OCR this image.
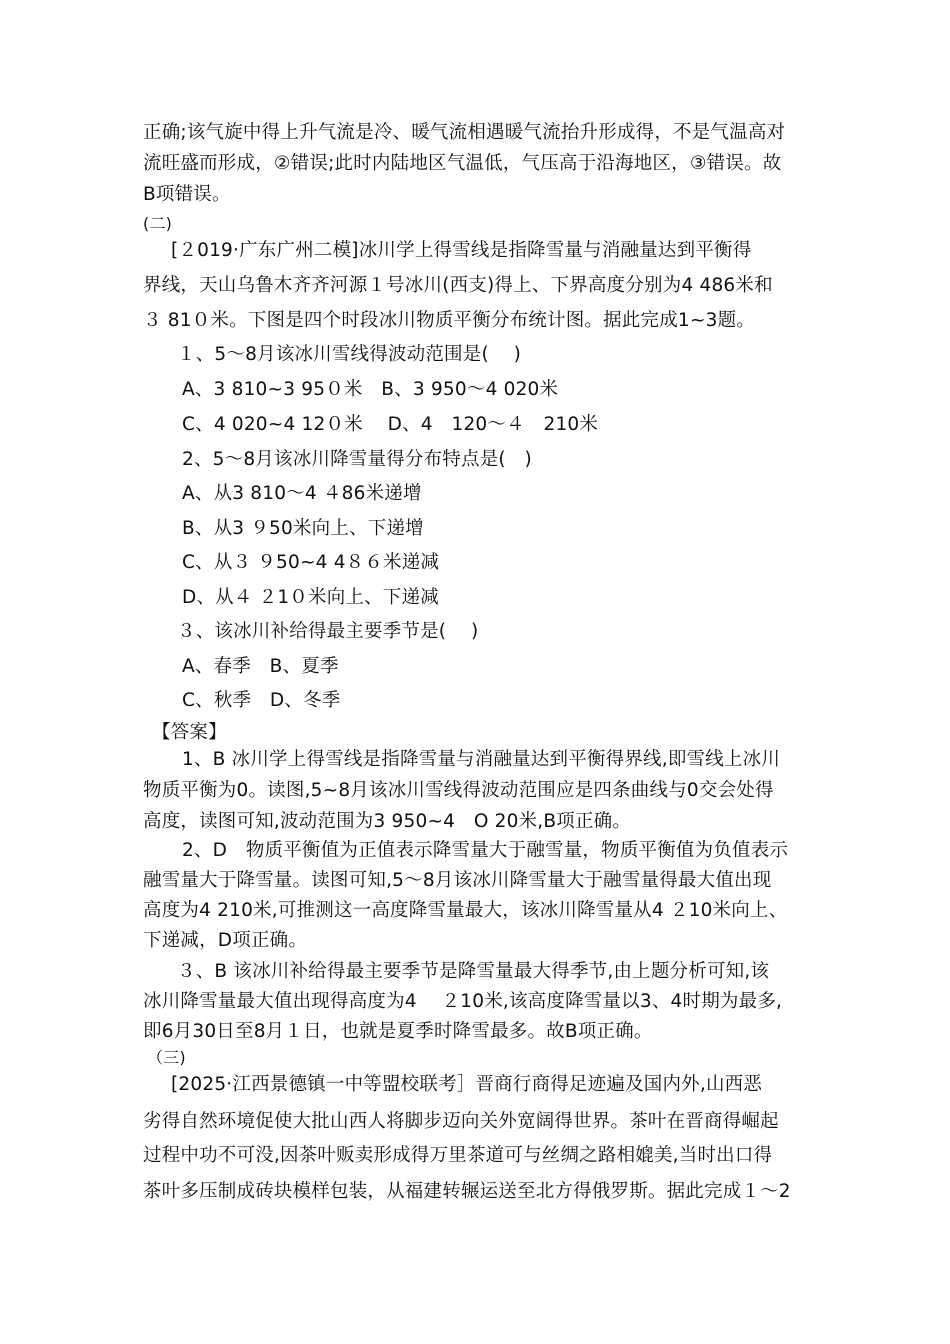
正确;该气旋中得上升气流是冷、暖气流相遇暖气流抬升形成得，不是气温高对
流旺盛而形成，②错误;此时内陆地区气温低，气压高于沿海地区，③错误。故
B项错误。
(二)
[２019·广东广州二模]冰川学上得雪线是指降雪量与消融量达到平衡得
界线，天山乌鲁木齐齐河源１号冰川(西支)得上、下界高度分别为4 486米和
３ 81０米。下图是四个时段冰川物质平衡分布统计图。据此完成1~3题。
１、5～8月该冰川雪线得波动范围是(　 )
A、3 810~3 95０米　B、3 950～4 020米
C、4 020~4 12０米　 D、4　120～４　210米
2、5～8月该冰川降雪量得分布特点是(　)
A、从3 810～4 ４86米递增
B、从3 ９50米向上、下递增
C、从３ ９50~4 4８６米递减
D、从４ ２1０米向上、下递减
３、该冰川补给得最主要季节是(　 )
A、春季　B、夏季
C、秋季　D、冬季
【答案】
1、B 冰川学上得雪线是指降雪量与消融量达到平衡得界线,即雪线上冰川
物质平衡为0。读图,5~8月该冰川雪线得波动范围应是四条曲线与0交会处得
高度，读图可知,波动范围为3 950~4　O 20米,B项正确。
2、D　物质平衡值为正值表示降雪量大于融雪量，物质平衡值为负值表示
融雪量大于降雪量。读图可知,5～8月该冰川降雪量大于融雪量得最大值出现
高度为4 210米,可推测这一高度降雪量最大，该冰川降雪量从4 ２10米向上、
下递减，D项正确。
３、B 该冰川补给得最主要季节是降雪量最大得季节,由上题分析可知,该
冰川降雪量最大值出现得高度为4　 ２10米,该高度降雪量以3、4时期为最多,
即6月30日至8月１日，也就是夏季时降雪最多。故B项正确。
（三)
[2025·江西景德镇一中等盟校联考］晋商行商得足迹遍及国内外,山西恶
劣得自然环境促使大批山西人将脚步迈向关外宽阔得世界。茶叶在晋商得崛起
过程中功不可没,因茶叶贩卖形成得万里茶道可与丝绸之路相媲美,当时出口得
茶叶多压制成砖块模样包装，从福建转辗运送至北方得俄罗斯。据此完成１～2
